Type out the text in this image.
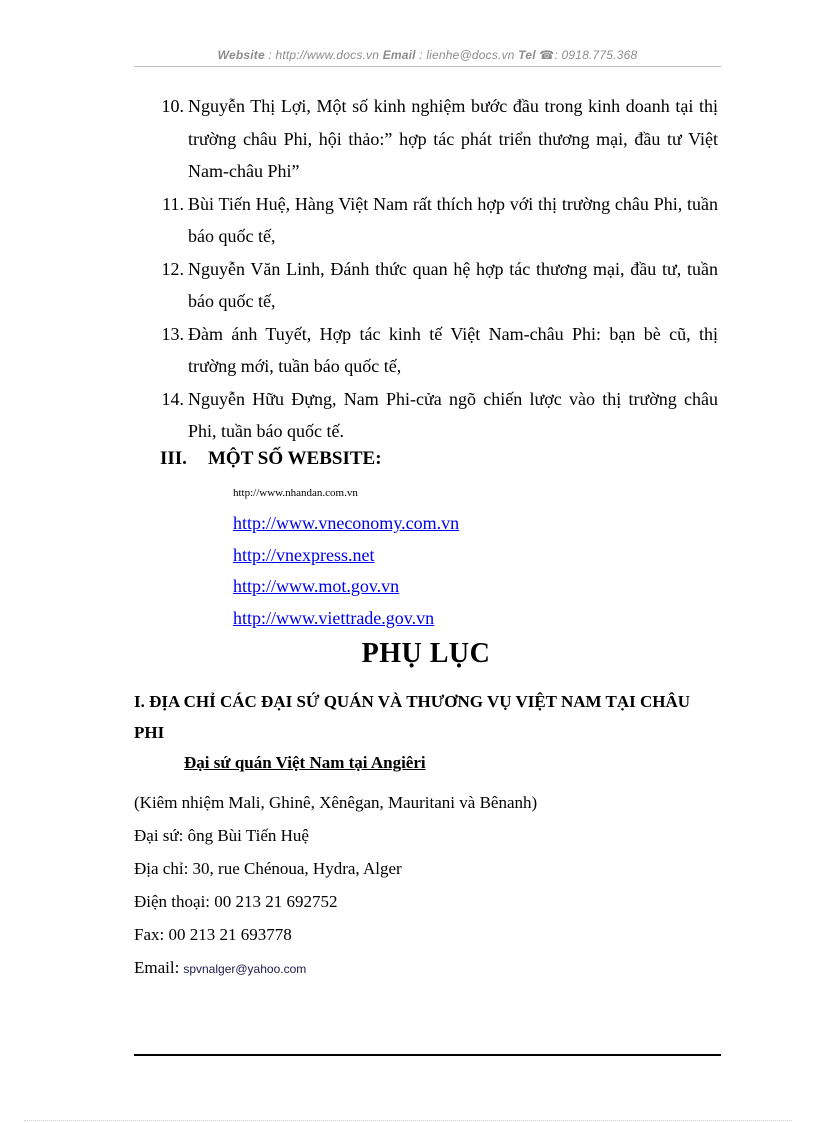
Website : http://www.docs.vn Email : lienhe@docs.vn Tel ☎: 0918.775.368
10. Nguyễn Thị Lợi, Một số kinh nghiệm bước đầu trong kinh doanh tại thị trường châu Phi, hội thảo:” hợp tác phát triển thương mại, đầu tư Việt Nam-châu Phi”
11. Bùi Tiến Huệ, Hàng Việt Nam rất thích hợp với thị trường châu Phi, tuần báo quốc tế,
12. Nguyễn Văn Linh, Đánh thức quan hệ hợp tác thương mại, đầu tư, tuần báo quốc tế,
13. Đàm ánh Tuyết, Hợp tác kinh tế Việt Nam-châu Phi: bạn bè cũ, thị trường mới, tuần báo quốc tế,
14. Nguyễn Hữu Đựng, Nam Phi-cửa ngõ chiến lược vào thị trường châu Phi, tuần báo quốc tế.
III. MỘT SỐ WEBSITE:
http://www.nhandan.com.vn
http://www.vneconomy.com.vn
http://vnexpress.net
http://www.mot.gov.vn
http://www.viettrade.gov.vn
PHỤ LỤC
I. ĐỊA CHỈ CÁC ĐẠI SỨ QUÁN VÀ THƯƠNG VỤ VIỆT NAM TẠI CHÂU PHI
Đại sứ quán Việt Nam tại Angiêri
(Kiêm nhiệm Mali, Ghinê, Xênêgan, Mauritani và Bênanh)
Đại sứ: ông Bùi Tiến Huệ
Địa chỉ: 30, rue Chénoua, Hydra, Alger
Điện thoại: 00 213 21 692752
Fax: 00 213 21 693778
Email: spvnalger@yahoo.com
